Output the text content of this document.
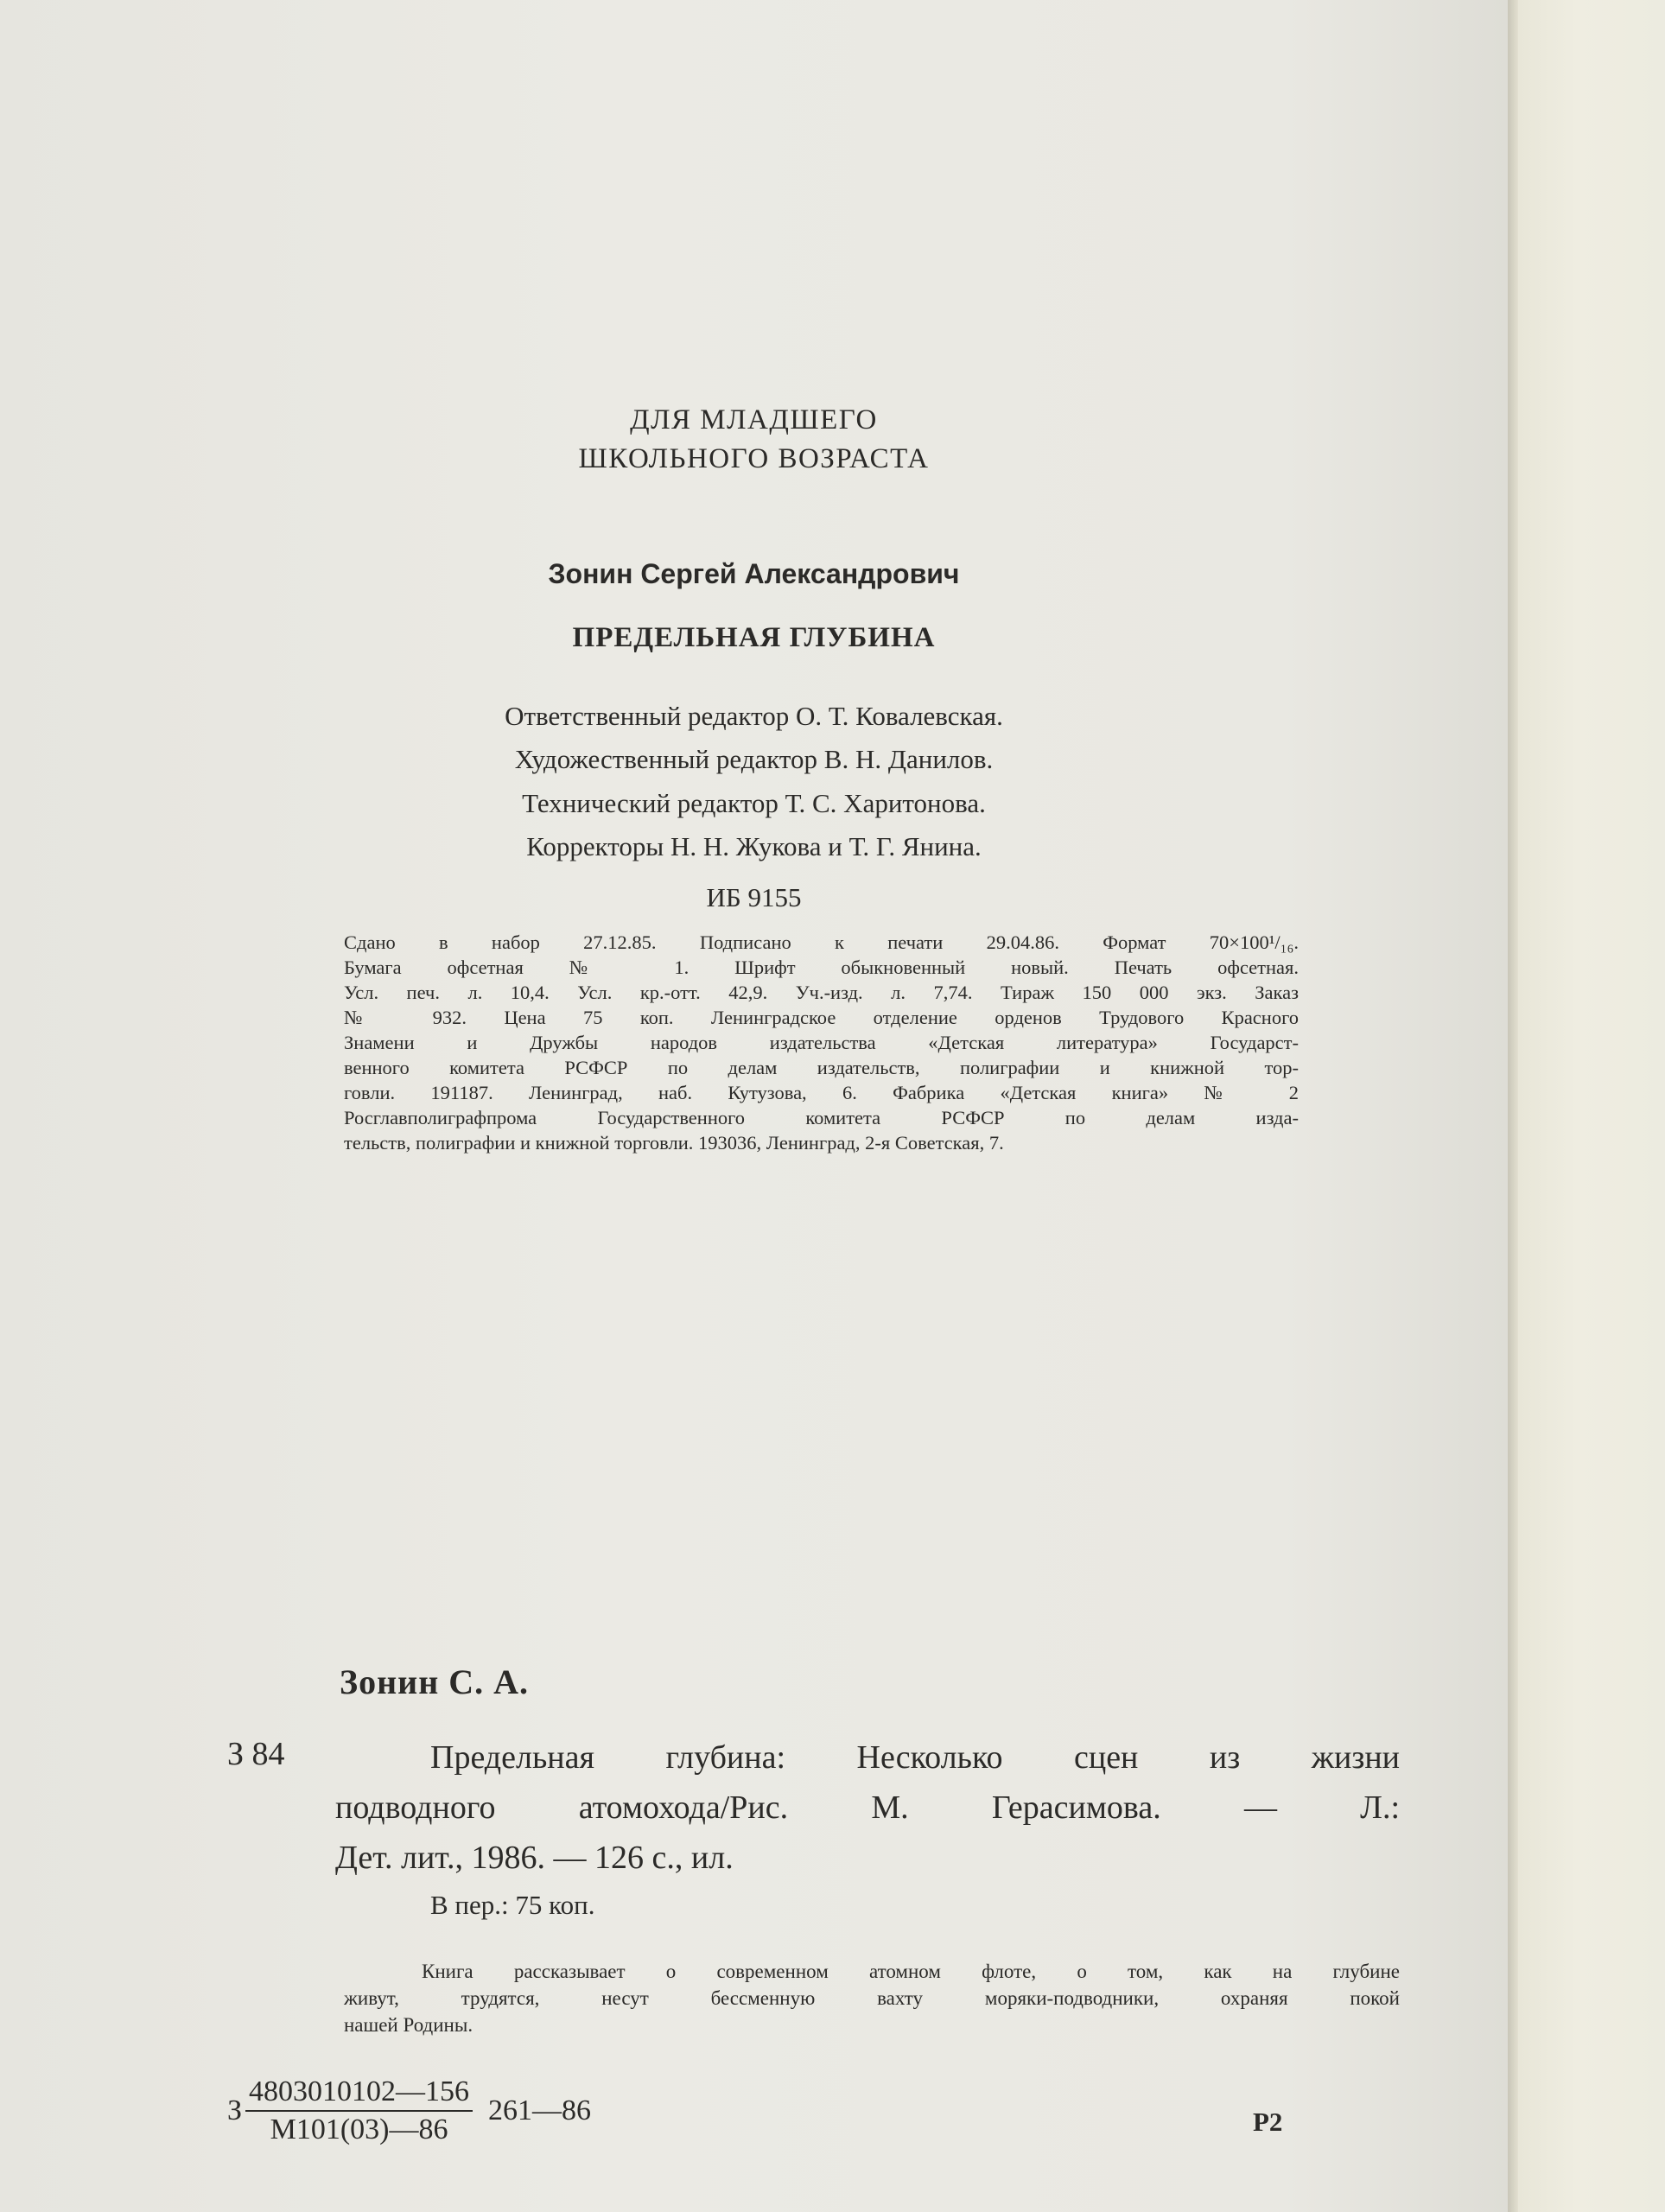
ДЛЯ МЛАДШЕГО

ШКОЛЬНОГО ВОЗРАСТА

Зонин Сергей Александрович

ПРЕДЕЛЬНАЯ ГЛУБИНА

Ответственный редактор О. Т. Ковалевская.

Художественный редактор В. Н. Данилов.

Технический редактор Т. С. Харитонова.

Корректоры Н. Н. Жукова и Т. Г. Янина.

ИБ 9155

Сдано в набор 27.12.85. Подписано к печати 29.04.86. Формат 70×100¹/₁₆.
Бумага офсетная № 1. Шрифт обыкновенный новый. Печать офсетная.
Усл. печ. л. 10,4. Усл. кр.-отт. 42,9. Уч.-изд. л. 7,74. Тираж 150 000 экз. Заказ
№ 932. Цена 75 коп. Ленинградское отделение орденов Трудового Красного
Знамени и Дружбы народов издательства «Детская литература» Государст-
венного комитета РСФСР по делам издательств, полиграфии и книжной тор-
говли. 191187. Ленинград, наб. Кутузова, 6. Фабрика «Детская книга» № 2
Росглавполиграфпрома Государственного комитета РСФСР по делам изда-
тельств, полиграфии и книжной торговли. 193036, Ленинград, 2-я Советская, 7.

Зонин С. А.

З 84	Предельная глубина: Несколько сцен из жизни
подводного атомохода/Рис. М. Герасимова. — Л.:
Дет. лит., 1986. — 126 с., ил.

В пер.: 75 коп.

Книга рассказывает о современном атомном флоте, о том, как на глубине
живут, трудятся, несут бессменную вахту моряки-подводники, охраняя покой
нашей Родины.
З $\frac{4803010102—156}{М101(03)—86}$ 261—86	Р2
